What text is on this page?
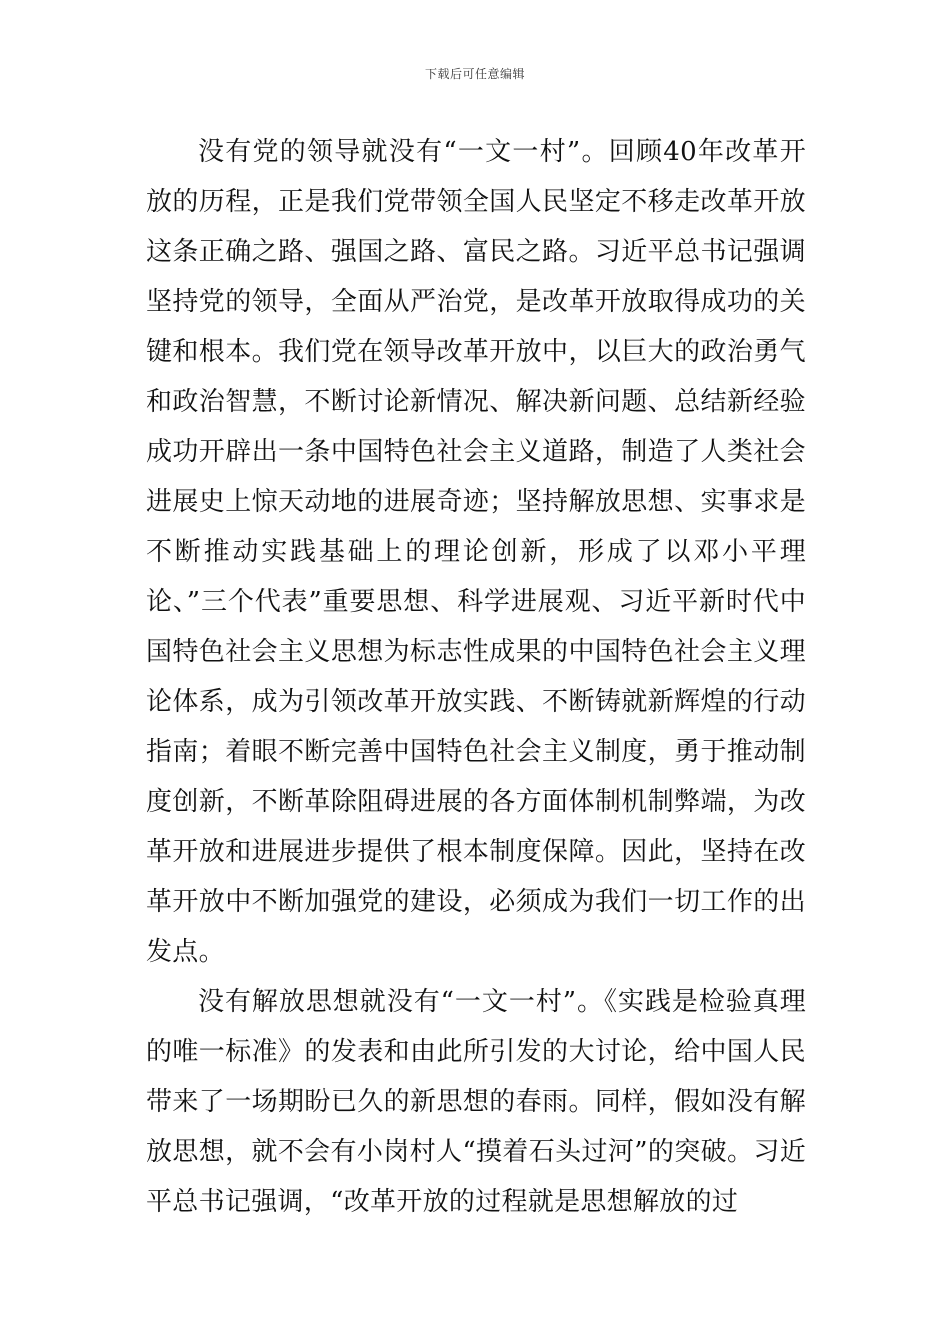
下载后可任意编辑

没有党的领导就没有“一文一村”。回顾40年改革开放的历程，正是我们党带领全国人民坚定不移走改革开放这条正确之路、强国之路、富民之路。习近平总书记强调坚持党的领导，全面从严治党，是改革开放取得成功的关键和根本。我们党在领导改革开放中，以巨大的政治勇气和政治智慧，不断讨论新情况、解决新问题、总结新经验成功开辟出一条中国特色社会主义道路，制造了人类社会进展史上惊天动地的进展奇迹；坚持解放思想、实事求是不断推动实践基础上的理论创新，形成了以邓小平理论、”三个代表”重要思想、科学进展观、习近平新时代中国特色社会主义思想为标志性成果的中国特色社会主义理论体系，成为引领改革开放实践、不断铸就新辉煌的行动指南；着眼不断完善中国特色社会主义制度，勇于推动制度创新，不断革除阻碍进展的各方面体制机制弊端，为改革开放和进展进步提供了根本制度保障。因此，坚持在改革开放中不断加强党的建设，必须成为我们一切工作的出发点。

没有解放思想就没有“一文一村”。《实践是检验真理的唯一标准》的发表和由此所引发的大讨论，给中国人民带来了一场期盼已久的新思想的春雨。同样，假如没有解放思想，就不会有小岗村人“摸着石头过河”的突破。习近平总书记强调，“改革开放的过程就是思想解放的过
